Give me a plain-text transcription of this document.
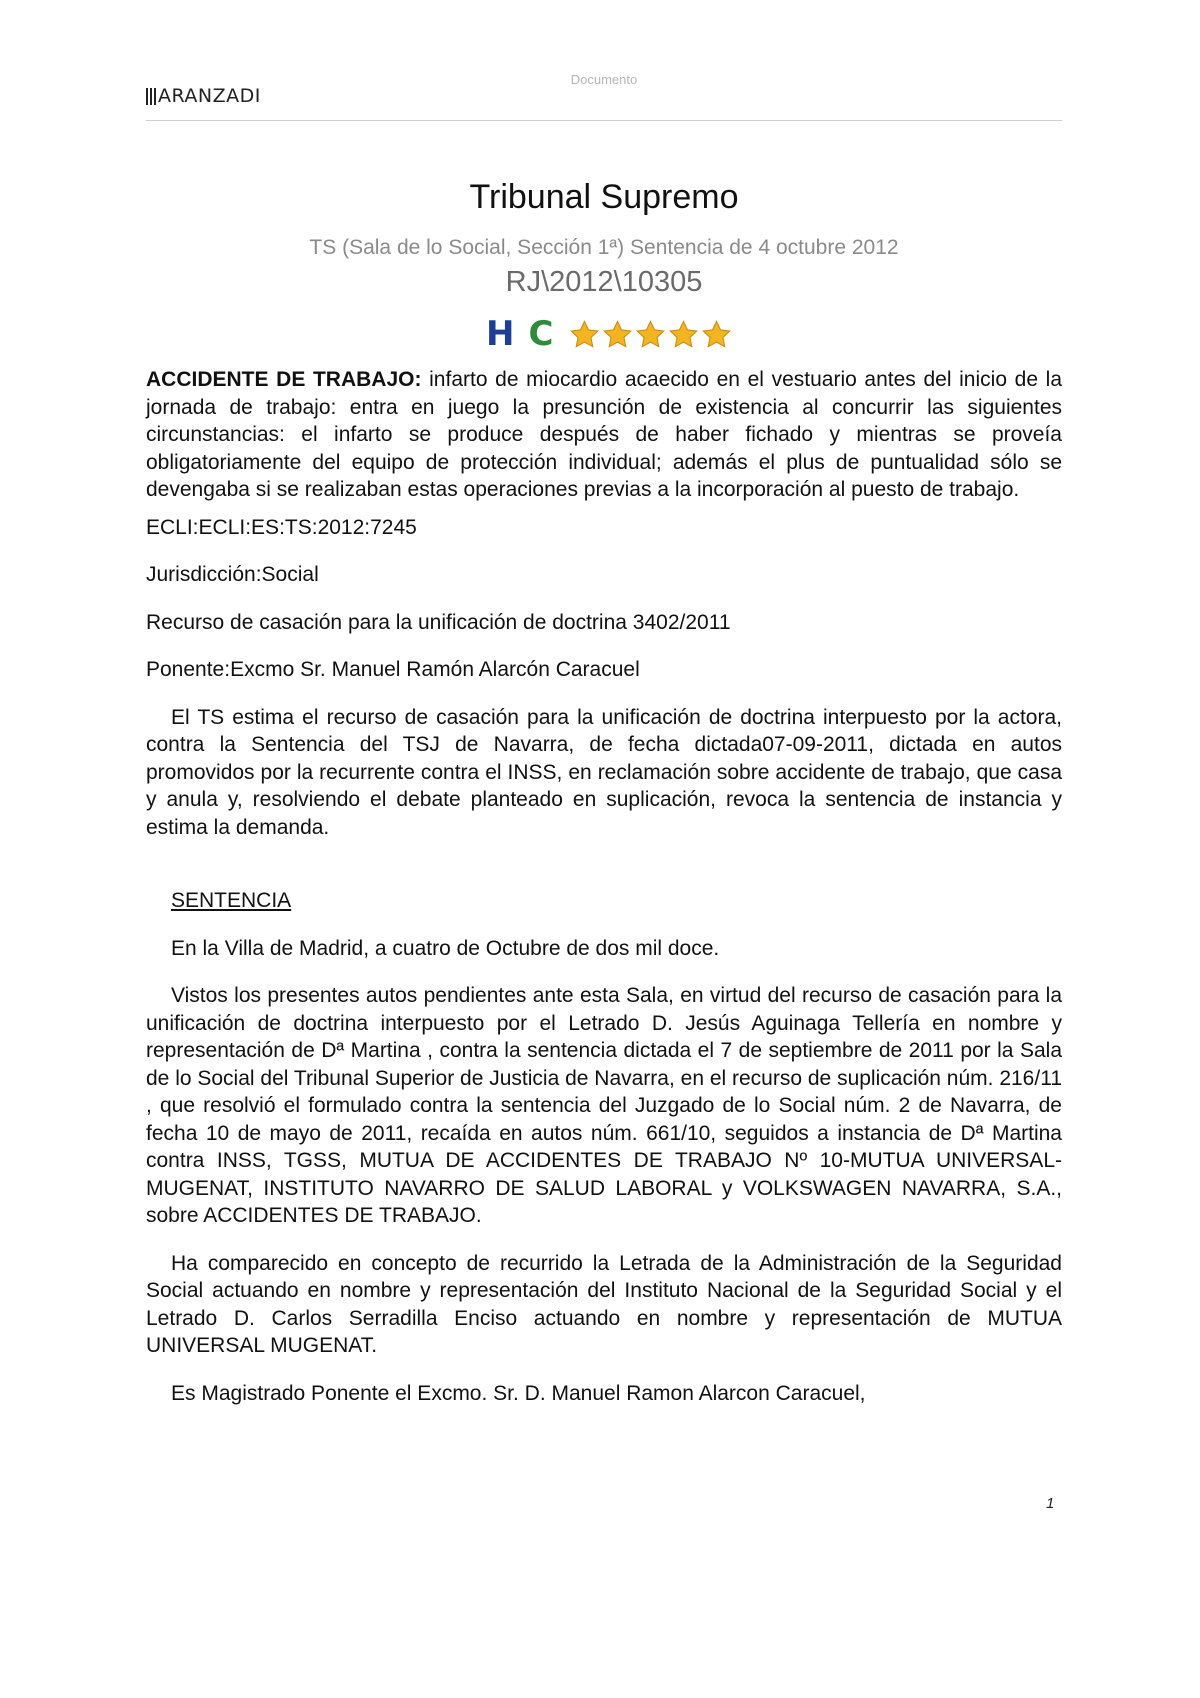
ARANZADI
Documento
Tribunal Supremo
TS (Sala de lo Social, Sección 1ª) Sentencia de 4 octubre 2012
RJ\2012\10305
H C

ACCIDENTE DE TRABAJO: infarto de miocardio acaecido en el vestuario antes del inicio de la jornada de trabajo: entra en juego la presunción de existencia al concurrir las siguientes circunstancias: el infarto se produce después de haber fichado y mientras se proveía obligatoriamente del equipo de protección individual; además el plus de puntualidad sólo se devengaba si se realizaban estas operaciones previas a la incorporación al puesto de trabajo.

ECLI:ECLI:ES:TS:2012:7245

Jurisdicción:Social

Recurso de casación para la unificación de doctrina 3402/2011

Ponente:Excmo Sr. Manuel Ramón Alarcón Caracuel

El TS estima el recurso de casación para la unificación de doctrina interpuesto por la actora, contra la Sentencia del TSJ de Navarra, de fecha dictada07-09-2011, dictada en autos promovidos por la recurrente contra el INSS, en reclamación sobre accidente de trabajo, que casa y anula y, resolviendo el debate planteado en suplicación, revoca la sentencia de instancia y estima la demanda.

SENTENCIA

En la Villa de Madrid, a cuatro de Octubre de dos mil doce.

Vistos los presentes autos pendientes ante esta Sala, en virtud del recurso de casación para la unificación de doctrina interpuesto por el Letrado D. Jesús Aguinaga Tellería en nombre y representación de Dª Martina , contra la sentencia dictada el 7 de septiembre de 2011 por la Sala de lo Social del Tribunal Superior de Justicia de Navarra, en el recurso de suplicación núm. 216/11 , que resolvió el formulado contra la sentencia del Juzgado de lo Social núm. 2 de Navarra, de fecha 10 de mayo de 2011, recaída en autos núm. 661/10, seguidos a instancia de Dª Martina contra INSS, TGSS, MUTUA DE ACCIDENTES DE TRABAJO Nº 10-MUTUA UNIVERSAL-MUGENAT, INSTITUTO NAVARRO DE SALUD LABORAL y VOLKSWAGEN NAVARRA, S.A., sobre ACCIDENTES DE TRABAJO.

Ha comparecido en concepto de recurrido la Letrada de la Administración de la Seguridad Social actuando en nombre y representación del Instituto Nacional de la Seguridad Social y el Letrado D. Carlos Serradilla Enciso actuando en nombre y representación de MUTUA UNIVERSAL MUGENAT.

Es Magistrado Ponente el Excmo. Sr. D. Manuel Ramon Alarcon Caracuel,

1
